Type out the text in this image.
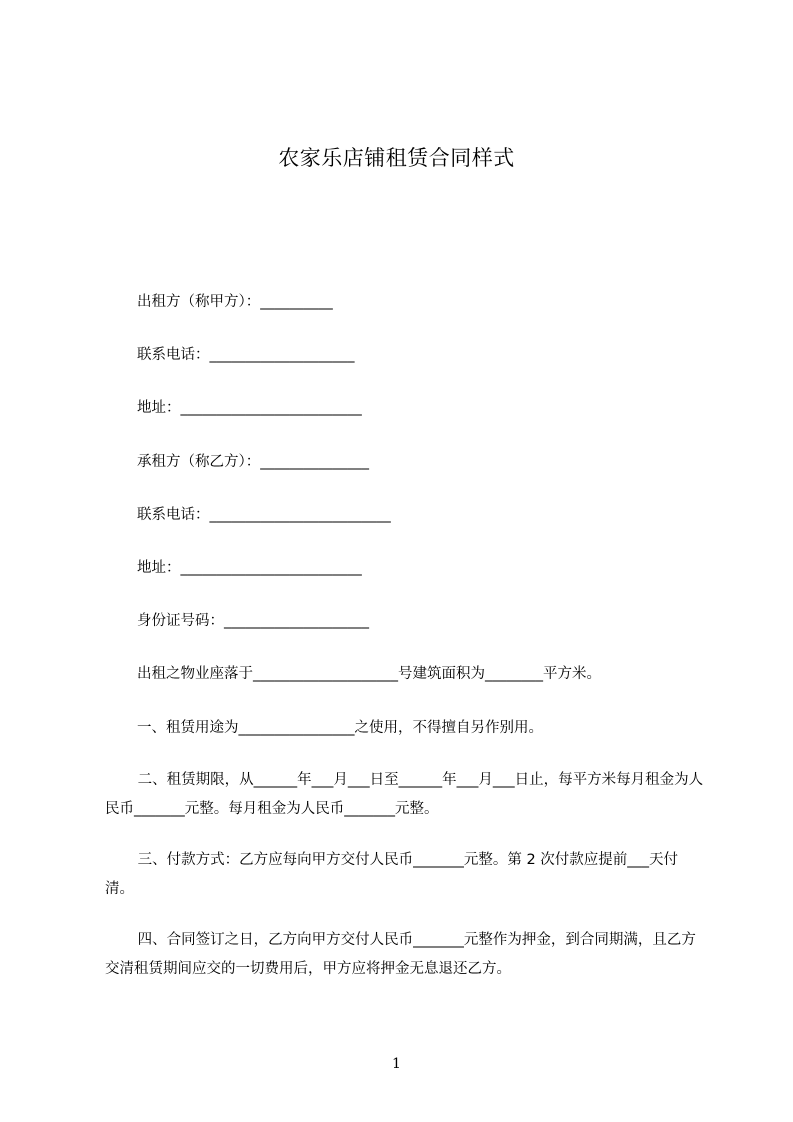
农家乐店铺租赁合同样式
出租方（称甲方）：__________
联系电话：____________________
地址：_________________________
承租方（称乙方）：_______________
联系电话：_________________________
地址：_________________________
身份证号码：____________________
出租之物业座落于____________________号建筑面积为________平方米。
一、租赁用途为________________之使用，不得擅自另作别用。
二、租赁期限，从______年___月___日至______年___月___日止，每平方米每月租金为人民币_______元整。每月租金为人民币_______元整。
三、付款方式：乙方应每向甲方交付人民币_______元整。第 2 次付款应提前___天付清。
四、合同签订之日，乙方向甲方交付人民币_______元整作为押金，到合同期满，且乙方交清租赁期间应交的一切费用后，甲方应将押金无息退还乙方。
1
